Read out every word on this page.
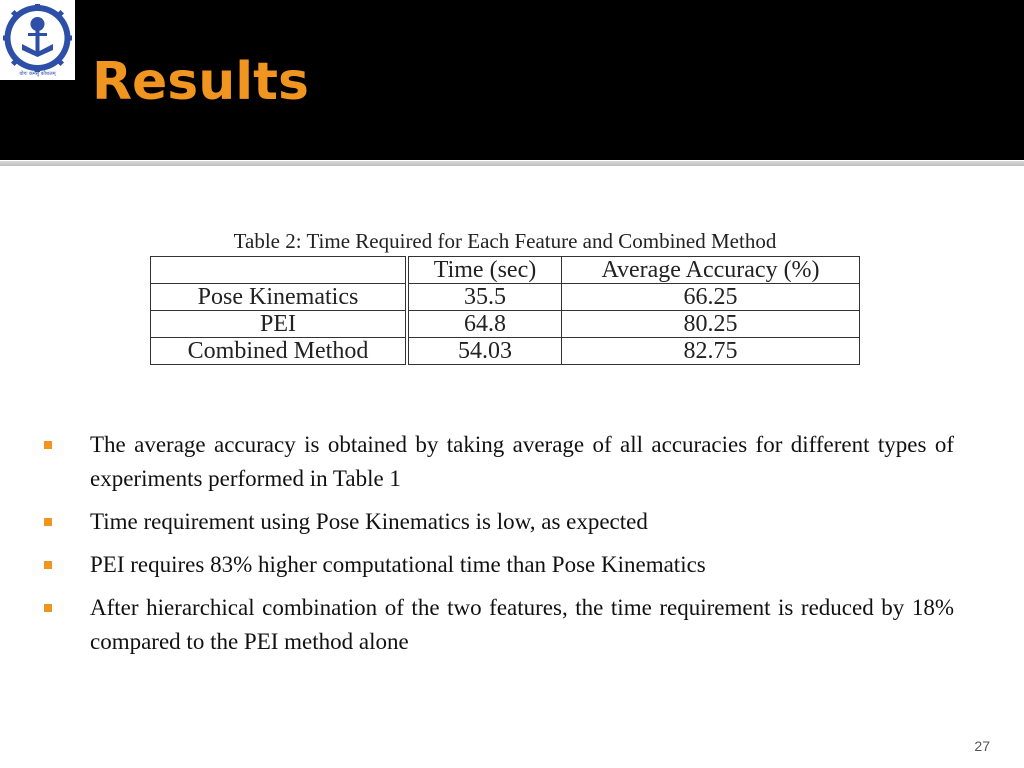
योगः कर्मसु कौशलम् Results
Table 2: Time Required for Each Feature and Combined Method
	Time (sec)	Average Accuracy (%)
Pose Kinematics	35.5	66.25
PEI	64.8	80.25
Combined Method	54.03	82.75
The average accuracy is obtained by taking average of all accuracies for different types of experiments performed in Table 1
Time requirement using Pose Kinematics is low, as expected
PEI requires 83% higher computational time than Pose Kinematics
After hierarchical combination of the two features, the time requirement is reduced by 18% compared to the PEI method alone
27
